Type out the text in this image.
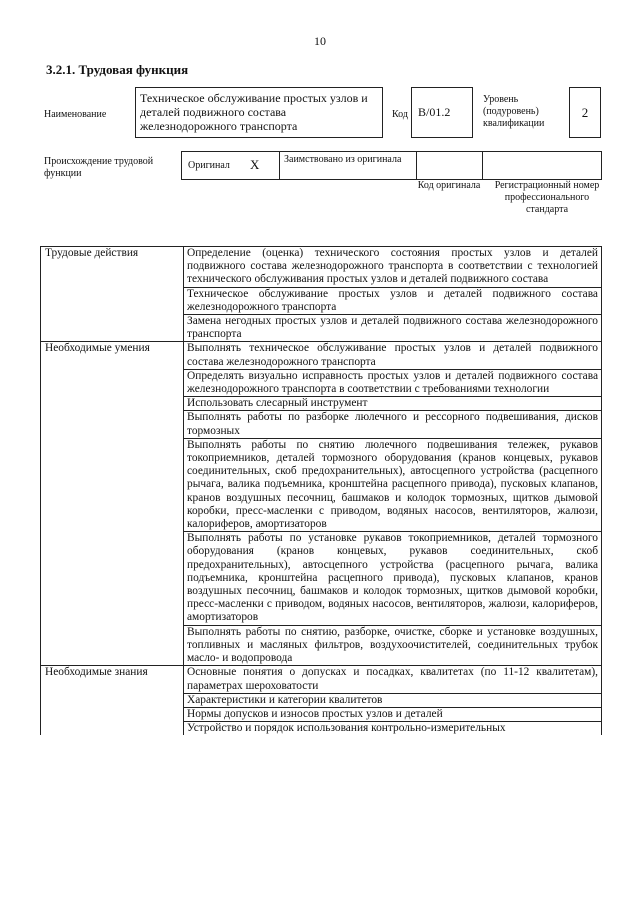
10
3.2.1. Трудовая функция
Наименование
Техническое обслуживание простых узлов и деталей подвижного состава железнодорожного транспорта
Код B/01.2
Уровень (подуровень) квалификации
2
Происхождение трудовой функции
Оригинал X Заимствовано из оригинала
Код оригинала	Регистрационный номер профессионального стандарта
Трудовые действия	Определение (оценка) технического состояния простых узлов и деталей подвижного состава железнодорожного транспорта в соответствии с технологией технического обслуживания простых узлов и деталей подвижного состава
	Техническое обслуживание простых узлов и деталей подвижного состава железнодорожного транспорта
	Замена негодных простых узлов и деталей подвижного состава железнодорожного транспорта
Необходимые умения	Выполнять техническое обслуживание простых узлов и деталей подвижного состава железнодорожного транспорта
	Определять визуально исправность простых узлов и деталей подвижного состава железнодорожного транспорта в соответствии с требованиями технологии
	Использовать слесарный инструмент
	Выполнять работы по разборке люлечного и рессорного подвешивания, дисков тормозных
	Выполнять работы по снятию люлечного подвешивания тележек, рукавов токоприемников, деталей тормозного оборудования (кранов концевых, рукавов соединительных, скоб предохранительных), автосцепного устройства (расцепного рычага, валика подъемника, кронштейна расцепного привода), пусковых клапанов, кранов воздушных песочниц, башмаков и колодок тормозных, щитков дымовой коробки, пресс-масленки с приводом, водяных насосов, вентиляторов, жалюзи, калориферов, амортизаторов
	Выполнять работы по установке рукавов токоприемников, деталей тормозного оборудования (кранов концевых, рукавов соединительных, скоб предохранительных), автосцепного устройства (расцепного рычага, валика подъемника, кронштейна расцепного привода), пусковых клапанов, кранов воздушных песочниц, башмаков и колодок тормозных, щитков дымовой коробки, пресс-масленки с приводом, водяных насосов, вентиляторов, жалюзи, калориферов, амортизаторов
	Выполнять работы по снятию, разборке, очистке, сборке и установке воздушных, топливных и масляных фильтров, воздухоочистителей, соединительных трубок масло- и водопровода
Необходимые знания	Основные понятия о допусках и посадках, квалитетах (по 11-12 квалитетам), параметрах шероховатости
	Характеристики и категории квалитетов
	Нормы допусков и износов простых узлов и деталей
	Устройство и порядок использования контрольно-измерительных
